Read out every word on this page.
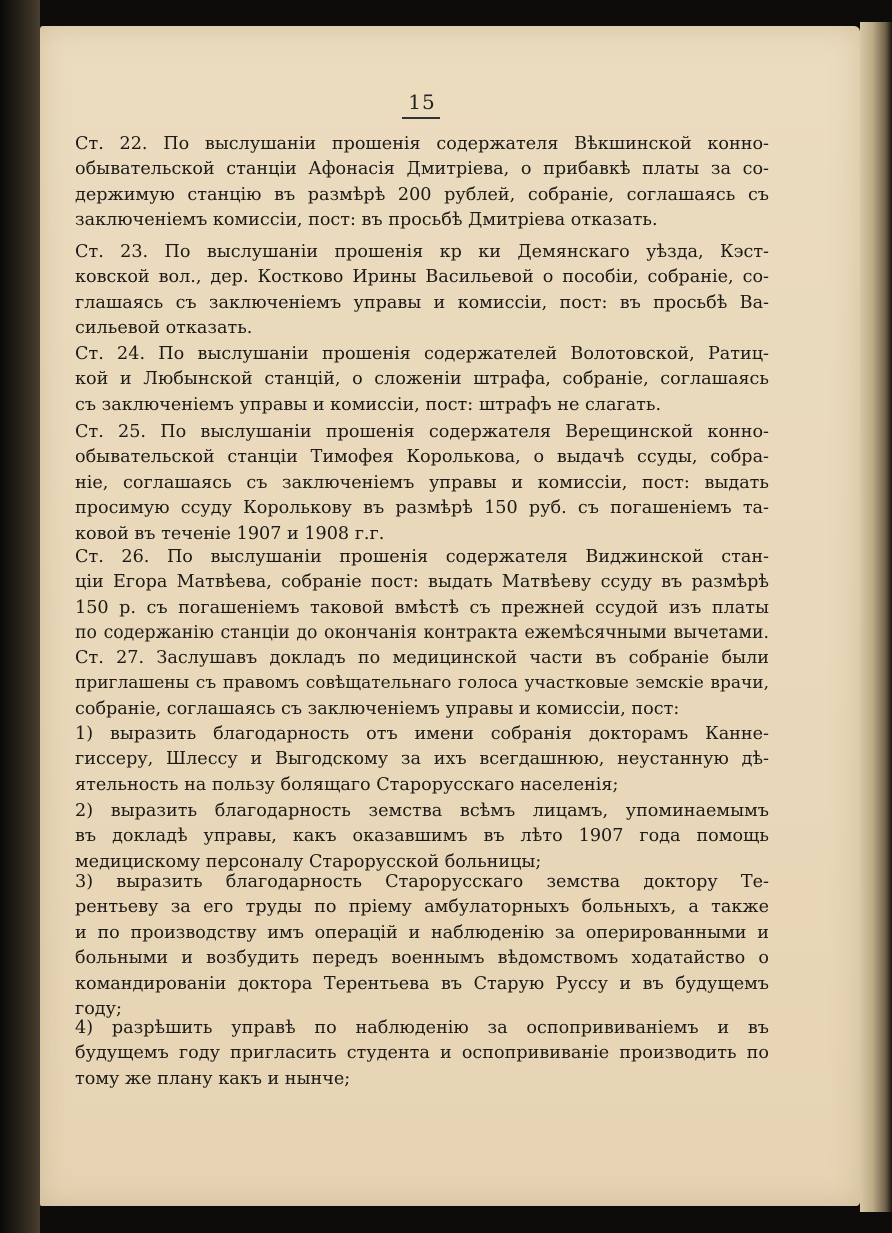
15
Ст. 22. По выслушаніи прошенія содержателя Вѣкшинской конно-
обывательской станціи Афонасія Дмитріева, о прибавкѣ платы за со-
держимую станцію въ размѣрѣ 200 рублей, собраніе, соглашаясь съ
заключеніемъ комиссіи, пост: въ просьбѣ Дмитріева отказать.
Ст. 23. По выслушаніи прошенія кр ки Демянскаго уѣзда, Кэст-
ковской вол., дер. Костково Ирины Васильевой о пособіи, собраніе, со-
глашаясь съ заключеніемъ управы и комиссіи, пост: въ просьбѣ Ва-
сильевой отказать.
Ст. 24. По выслушаніи прошенія содержателей Волотовской, Ратиц-
кой и Любынской станцій, о сложеніи штрафа, собраніе, соглашаясь
съ заключеніемъ управы и комиссіи, пост: штрафъ не слагать.
Ст. 25. По выслушаніи прошенія содержателя Верещинской конно-
обывательской станціи Тимофея Королькова, о выдачѣ ссуды, собра-
ніе, соглашаясь съ заключеніемъ управы и комиссіи, пост: выдать
просимую ссуду Королькову въ размѣрѣ 150 руб. съ погашеніемъ та-
ковой въ теченіе 1907 и 1908 г.г.
Ст. 26. По выслушаніи прошенія содержателя Виджинской стан-
ціи Егора Матвѣева, собраніе пост: выдать Матвѣеву ссуду въ размѣрѣ
150 р. съ погашеніемъ таковой вмѣстѣ съ прежней ссудой изъ платы
по содержанію станціи до окончанія контракта ежемѣсячными вычетами.
Ст. 27. Заслушавъ докладъ по медицинской части въ собраніе были
приглашены съ правомъ совѣщательнаго голоса участковые земскіе врачи,
собраніе, соглашаясь съ заключеніемъ управы и комиссіи, пост:
1) выразить благодарность отъ имени собранія докторамъ Канне-
гиссеру, Шлессу и Выгодскому за ихъ всегдашнюю, неустанную дѣ-
ятельность на пользу болящаго Старорусскаго населенія;
2) выразить благодарность земства всѣмъ лицамъ, упоминаемымъ
въ докладѣ управы, какъ оказавшимъ въ лѣто 1907 года помощь
медицискому персоналу Старорусской больницы;
3) выразить благодарность Старорусскаго земства доктору Те-
рентьеву за его труды по пріему амбулаторныхъ больныхъ, а также
и по производству имъ операцій и наблюденію за оперированными и
больными и возбудить передъ военнымъ вѣдомствомъ ходатайство о
командированіи доктора Терентьева въ Старую Руссу и въ будущемъ
году;
4) разрѣшить управѣ по наблюденію за оспопрививаніемъ и въ
будущемъ году пригласить студента и оспопрививаніе производить по
тому же плану какъ и нынче;
